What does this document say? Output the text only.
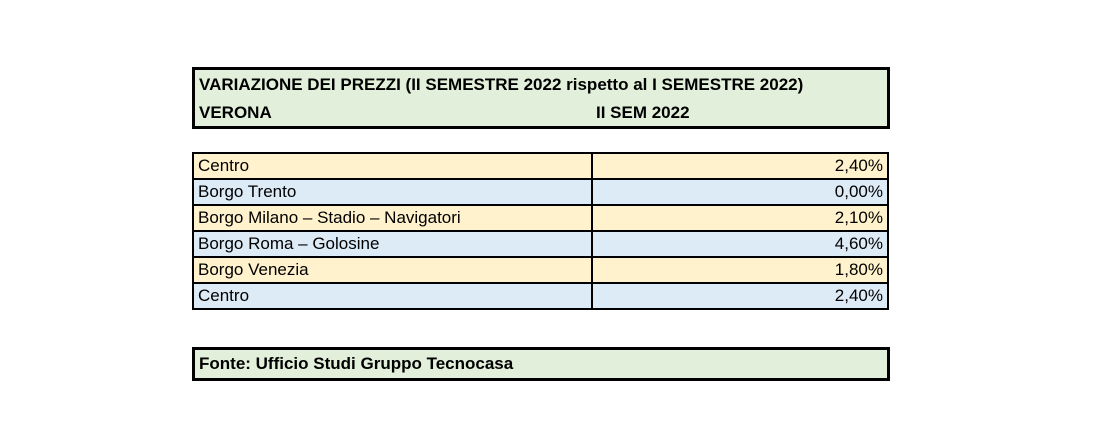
VARIAZIONE DEI PREZZI (II SEMESTRE 2022 rispetto al I SEMESTRE 2022)
VERONA	II SEM 2022
Centro	2,40%
Borgo Trento	0,00%
Borgo Milano – Stadio – Navigatori	2,10%
Borgo Roma – Golosine	4,60%
Borgo Venezia	1,80%
Centro	2,40%
Fonte: Ufficio Studi Gruppo Tecnocasa
